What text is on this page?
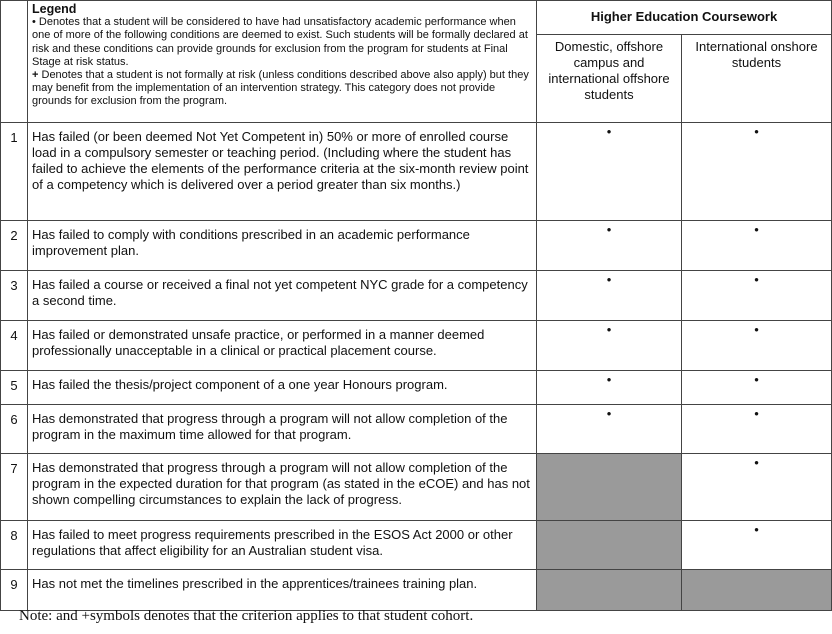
	Legend
• Denotes that a student will be considered to have had unsatisfactory academic performance when one of more of the following conditions are deemed to exist. Such students will be formally declared at risk and these conditions can provide grounds for exclusion from the program for students at Final Stage at risk status.
+ Denotes that a student is not formally at risk (unless conditions described above also apply) but they may benefit from the implementation of an intervention strategy. This category does not provide grounds for exclusion from the program.	Higher Education Coursework	
		Domestic, offshore campus and international offshore students	International onshore students
1	Has failed (or been deemed Not Yet Competent in) 50% or more of enrolled course load in a compulsory semester or teaching period. (Including where the student has failed to achieve the elements of the performance criteria at the six-month review point of a competency which is delivered over a period greater than six months.)	•	•

2	Has failed to comply with conditions prescribed in an academic performance improvement plan.	•	•

3	Has failed a course or received a final not yet competent NYC grade for a competency a second time.	•	•

4	Has failed or demonstrated unsafe practice, or performed in a manner deemed professionally unacceptable in a clinical or practical placement course.	•	•

5	Has failed the thesis/project component of a one year Honours program.	•	•

6	Has demonstrated that progress through a program will not allow completion of the program in the maximum time allowed for that program.	•	•

7	Has demonstrated that progress through a program will not allow completion of the program in the expected duration for that program (as stated in the eCOE) and has not shown compelling circumstances to explain the lack of progress.		•

8	Has failed to meet progress requirements prescribed in the ESOS Act 2000 or other regulations that affect eligibility for an Australian student visa.		•

9	Has not met the timelines prescribed in the apprentices/trainees training plan.		
Note: and +symbols denotes that the criterion applies to that student cohort.
